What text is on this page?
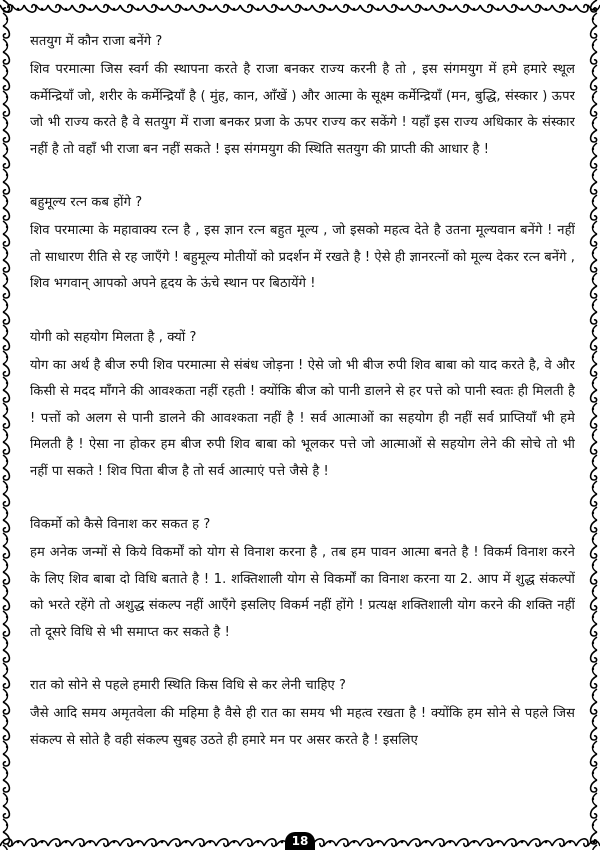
सतयुग में कौन राजा बनेंगे ?

शिव परमात्मा जिस स्वर्ग की स्थापना करते है राजा बनकर राज्य करनी है तो , इस संगमयुग में हमे हमारे स्थूल कर्मेन्द्रियाँ जो, शरीर के कर्मेन्द्रियाँ है ( मुंह, कान, आँखें ) और आत्मा के सूक्ष्म कर्मेन्द्रियाँ (मन, बुद्धि, संस्कार ) ऊपर जो भी राज्य करते है वे सतयुग में राजा बनकर प्रजा के ऊपर राज्य कर सकेंगे ! यहाँ इस राज्य अधिकार के संस्कार नहीं है तो वहाँ भी राजा बन नहीं सकते ! इस संगमयुग की स्थिति सतयुग की प्राप्ती की आधार है !

बहुमूल्य रत्न कब होंगे ?

शिव परमात्मा के महावाक्य रत्न है , इस ज्ञान रत्न बहुत मूल्य , जो इसको महत्व देते है उतना मूल्यवान बनेंगे ! नहीं तो साधारण रीति से रह जाएँगे ! बहुमूल्य मोतीयों को प्रदर्शन में रखते है ! ऐसे ही ज्ञानरत्नों को मूल्य देकर रत्न बनेंगे , शिव भगवान् आपको अपने हृदय के ऊंचे स्थान पर बिठायेंगे !

योगी को सहयोग मिलता है , क्यों ?

योग का अर्थ है बीज रुपी शिव परमात्मा से संबंध जोड़ना ! ऐसे जो भी बीज रुपी शिव बाबा को याद करते है, वे और किसी से मदद माँगने की आवश्कता नहीं रहती ! क्योंकि बीज को पानी डालने से हर पत्ते को पानी स्वतः ही मिलती है ! पत्तों को अलग से पानी डालने की आवश्कता नहीं है ! सर्व आत्माओं का सहयोग ही नहीं सर्व प्राप्तियाँ भी हमे मिलती है ! ऐसा ना होकर हम बीज रुपी शिव बाबा को भूलकर पत्ते जो आत्माओं से सहयोग लेने की सोचे तो भी नहीं पा सकते ! शिव पिता बीज है तो सर्व आत्माएं पत्ते जैसे है !

विकर्मो को कैसे विनाश कर सकत ह ?

हम अनेक जन्मों से किये विकर्मों को योग से विनाश करना है , तब हम पावन आत्मा बनते है ! विकर्म विनाश करने के लिए शिव बाबा दो विधि बताते है ! 1. शक्तिशाली योग से विकर्मों का विनाश करना या 2. आप में शुद्ध संकल्पों को भरते रहेंगे तो अशुद्ध संकल्प नहीं आएँगे इसलिए विकर्म नहीं होंगे ! प्रत्यक्ष शक्तिशाली योग करने की शक्ति नहीं तो दूसरे विधि से भी समाप्त कर सकते है !

रात को सोने से पहले हमारी स्थिति किस विधि से कर लेनी चाहिए ?

जैसे आदि समय अमृतवेला की महिमा है वैसे ही रात का समय भी महत्व रखता है ! क्योंकि हम सोने से पहले जिस संकल्प से सोते है वही संकल्प सुबह उठते ही हमारे मन पर असर करते है ! इसलिए

18
